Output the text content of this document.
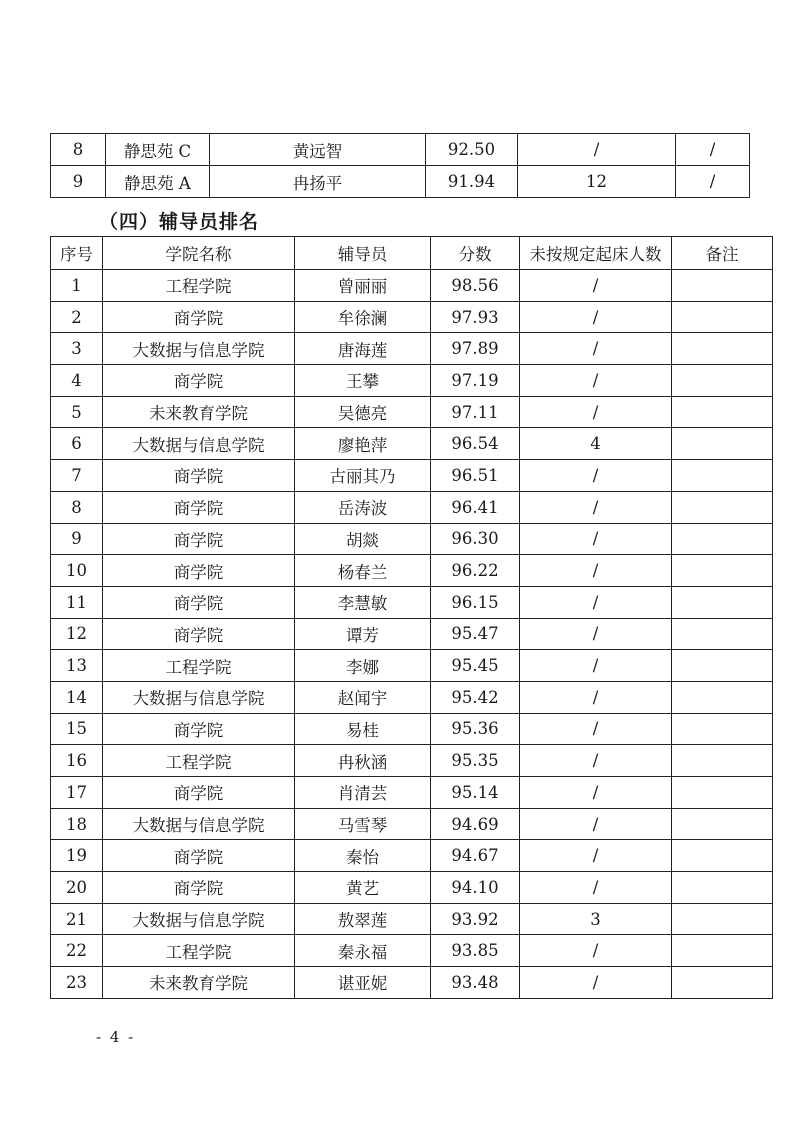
8	静思苑 C	黄远智	92.50	/	/
9	静思苑 A	冉扬平	91.94	12	/
（四）辅导员排名
序号	学院名称	辅导员	分数	未按规定起床人数	备注
1	工程学院	曾丽丽	98.56	/	
2	商学院	牟徐澜	97.93	/	
3	大数据与信息学院	唐海莲	97.89	/	
4	商学院	王攀	97.19	/	
5	未来教育学院	吴德亮	97.11	/	
6	大数据与信息学院	廖艳萍	96.54	4	
7	商学院	古丽其乃	96.51	/	
8	商学院	岳涛波	96.41	/	
9	商学院	胡燚	96.30	/	
10	商学院	杨春兰	96.22	/	
11	商学院	李慧敏	96.15	/	
12	商学院	谭芳	95.47	/	
13	工程学院	李娜	95.45	/	
14	大数据与信息学院	赵闻宇	95.42	/	
15	商学院	易桂	95.36	/	
16	工程学院	冉秋涵	95.35	/	
17	商学院	肖清芸	95.14	/	
18	大数据与信息学院	马雪琴	94.69	/	
19	商学院	秦怡	94.67	/	
20	商学院	黄艺	94.10	/	
21	大数据与信息学院	敖翠莲	93.92	3	
22	工程学院	秦永福	93.85	/	
23	未来教育学院	谌亚妮	93.48	/	
- 4 -
